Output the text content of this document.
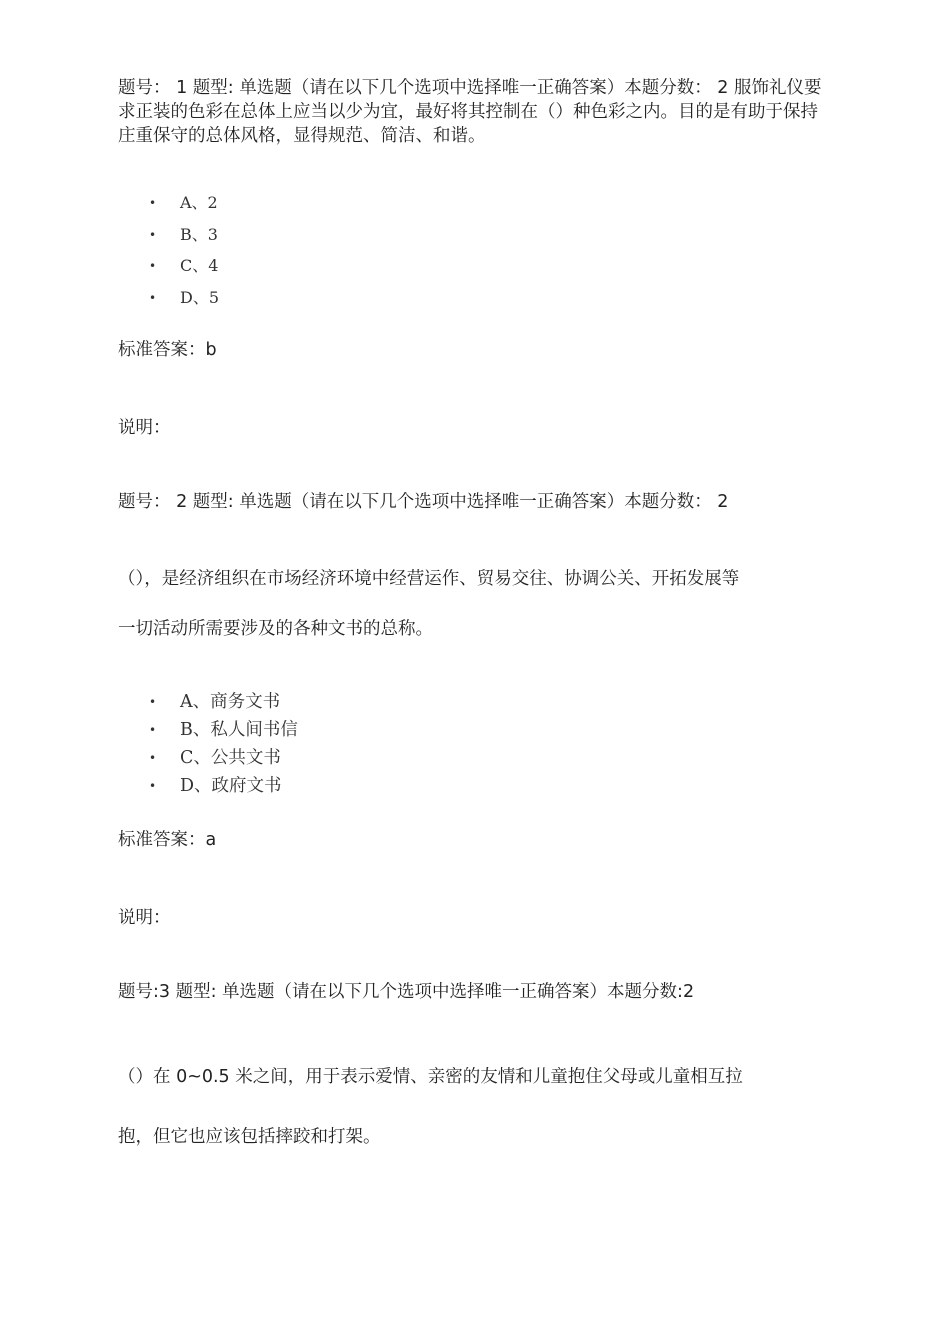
题号： 1 题型: 单选题（请在以下几个选项中选择唯一正确答案）本题分数： 2 服饰礼仪要求正装的色彩在总体上应当以少为宜，最好将其控制在（）种色彩之内。目的是有助于保持庄重保守的总体风格，显得规范、简洁、和谐。

• A、2
• B、3
• C、4
• D、5
标准答案：b
说明：
题号： 2 题型: 单选题（请在以下几个选项中选择唯一正确答案）本题分数： 2
（），是经济组织在市场经济环境中经营运作、贸易交往、协调公关、开拓发展等
一切活动所需要涉及的各种文书的总称。
• A、商务文书
• B、私人间书信
• C、公共文书
• D、政府文书
标准答案：a
说明：
题号:3 题型: 单选题（请在以下几个选项中选择唯一正确答案）本题分数:2
（）在 0~0.5 米之间，用于表示爱情、亲密的友情和儿童抱住父母或儿童相互拉
抱，但它也应该包括摔跤和打架。
